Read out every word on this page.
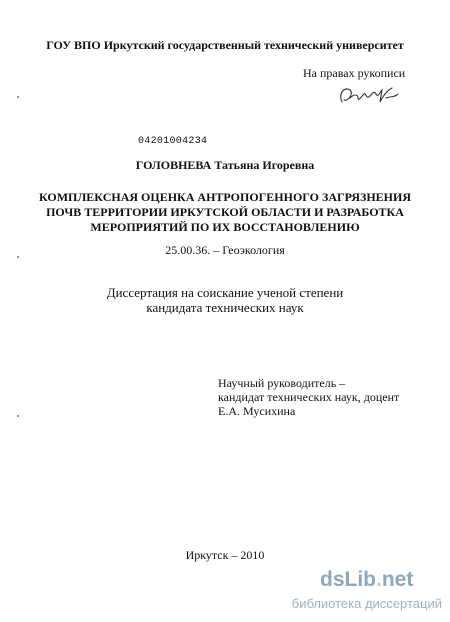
ГОУ ВПО Иркутский государственный технический университет
На правах рукописи
04201004234
ГОЛОВНЕВА Татьяна Игоревна
КОМПЛЕКСНАЯ ОЦЕНКА АНТРОПОГЕННОГО ЗАГРЯЗНЕНИЯ
ПОЧВ ТЕРРИТОРИИ ИРКУТСКОЙ ОБЛАСТИ И РАЗРАБОТКА
МЕРОПРИЯТИЙ ПО ИХ ВОССТАНОВЛЕНИЮ
25.00.36. – Геоэкология
Диссертация на соискание ученой степени
кандидата технических наук
Научный руководитель –
кандидат технических наук, доцент
Е.А. Мусихина
Иркутск – 2010
dsLib.net
библиотека диссертаций
